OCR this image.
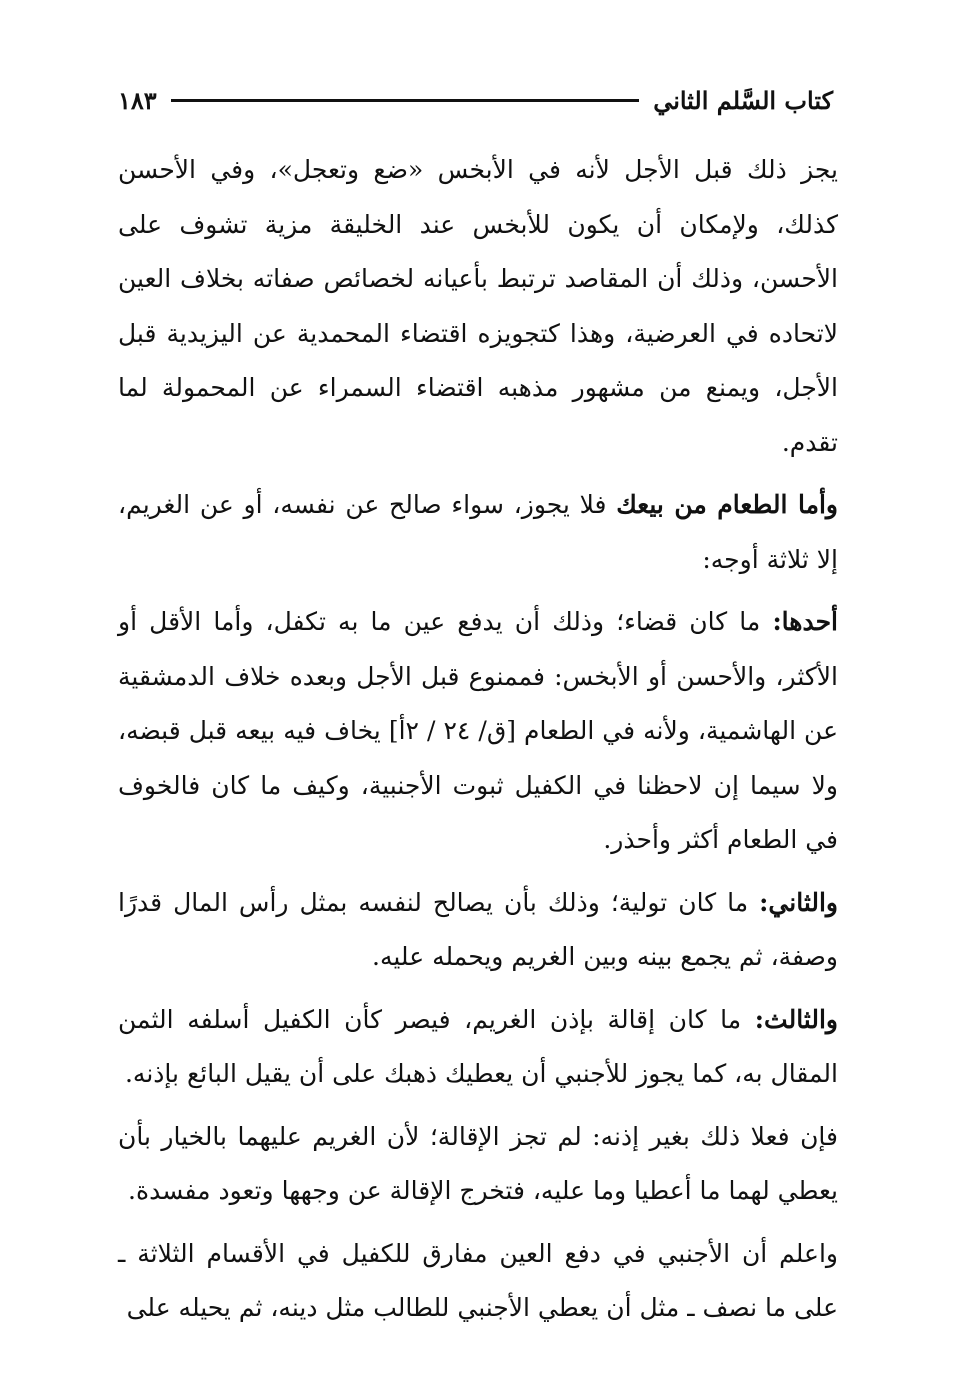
كتاب السَّلم الثاني
١٨٣

يجز ذلك قبل الأجل لأنه في الأبخس «ضع وتعجل»، وفي الأحسن كذلك، ولإمكان أن يكون للأبخس عند الخليقة مزية تشوف على الأحسن، وذلك أن المقاصد ترتبط بأعيانه لخصائص صفاته بخلاف العين لاتحاده في العرضية، وهذا كتجويزه اقتضاء المحمدية عن اليزيدية قبل الأجل، ويمنع من مشهور مذهبه اقتضاء السمراء عن المحمولة لما تقدم.

وأما الطعام من بيعك فلا يجوز، سواء صالح عن نفسه، أو عن الغريم، إلا ثلاثة أوجه:

أحدها: ما كان قضاء؛ وذلك أن يدفع عين ما به تكفل، وأما الأقل أو الأكثر، والأحسن أو الأبخس: فممنوع قبل الأجل وبعده خلاف الدمشقية عن الهاشمية، ولأنه في الطعام [ق/ ٢٤ / ٢أ] يخاف فيه بيعه قبل قبضه، ولا سيما إن لاحظنا في الكفيل ثبوت الأجنبية، وكيف ما كان فالخوف في الطعام أكثر وأحذر.

والثاني: ما كان تولية؛ وذلك بأن يصالح لنفسه بمثل رأس المال قدرًا وصفة، ثم يجمع بينه وبين الغريم ويحمله عليه.

والثالث: ما كان إقالة بإذن الغريم، فيصر كأن الكفيل أسلفه الثمن المقال به، كما يجوز للأجنبي أن يعطيك ذهبك على أن يقيل البائع بإذنه.

فإن فعلا ذلك بغير إذنه: لم تجز الإقالة؛ لأن الغريم عليهما بالخيار بأن يعطي لهما ما أعطيا وما عليه، فتخرج الإقالة عن وجهها وتعود مفسدة.

واعلم أن الأجنبي في دفع العين مفارق للكفيل في الأقسام الثلاثة ـ على ما نصف ـ مثل أن يعطي الأجنبي للطالب مثل دينه، ثم يحيله على
